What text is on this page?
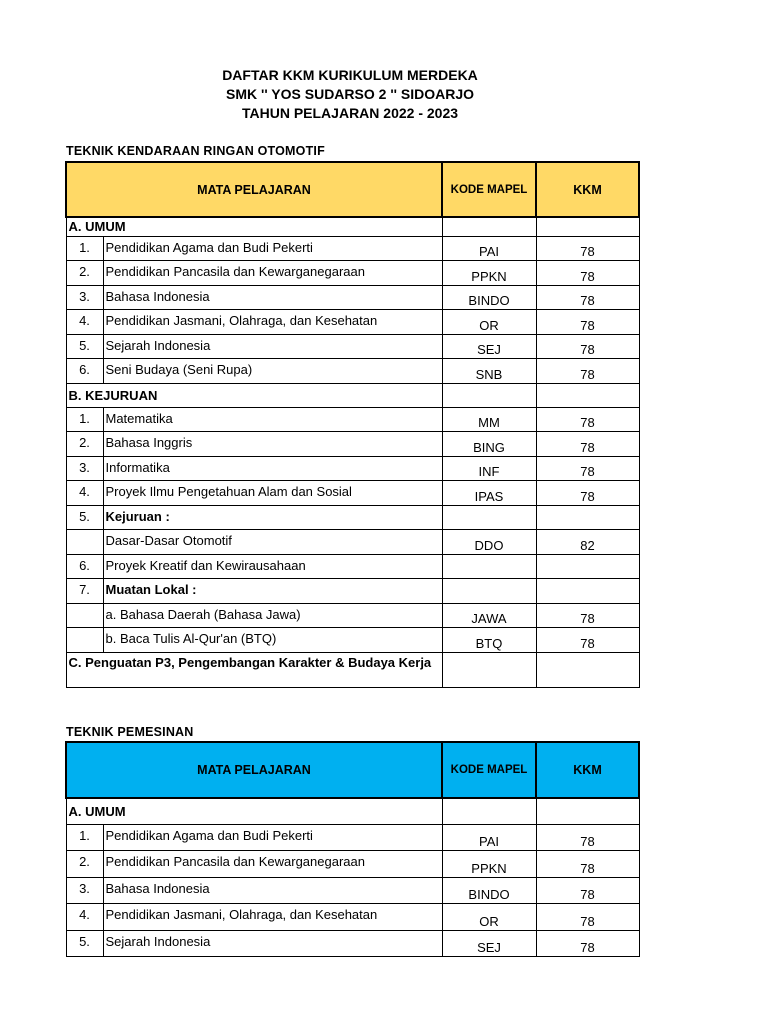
DAFTAR KKM KURIKULUM MERDEKA
SMK '' YOS SUDARSO 2 '' SIDOARJO
TAHUN PELAJARAN 2022 - 2023
TEKNIK KENDARAAN RINGAN OTOMOTIF
MATA PELAJARAN		KODE MAPEL	KKM
A. UMUM			
1.	Pendidikan Agama dan Budi Pekerti	PAI	78
2.	Pendidikan Pancasila dan Kewarganegaraan	PPKN	78
3.	Bahasa Indonesia	BINDO	78
4.	Pendidikan Jasmani, Olahraga, dan Kesehatan	OR	78
5.	Sejarah Indonesia	SEJ	78
6.	Seni Budaya (Seni Rupa)	SNB	78
B. KEJURUAN			
1.	Matematika	MM	78
2.	Bahasa Inggris	BING	78
3.	Informatika	INF	78
4.	Proyek Ilmu Pengetahuan Alam dan Sosial	IPAS	78
5.	Kejuruan :		
	Dasar-Dasar Otomotif	DDO	82
6.	Proyek Kreatif dan Kewirausahaan		
7.	Muatan Lokal :		
	a. Bahasa Daerah (Bahasa Jawa)	JAWA	78
	b. Baca Tulis Al-Qur'an (BTQ)	BTQ	78
C. Penguatan P3, Pengembangan Karakter & Budaya Kerja			
TEKNIK PEMESINAN
MATA PELAJARAN		KODE MAPEL	KKM
A. UMUM			
1.	Pendidikan Agama dan Budi Pekerti	PAI	78
2.	Pendidikan Pancasila dan Kewarganegaraan	PPKN	78
3.	Bahasa Indonesia	BINDO	78
4.	Pendidikan Jasmani, Olahraga, dan Kesehatan	OR	78
5.	Sejarah Indonesia	SEJ	78
